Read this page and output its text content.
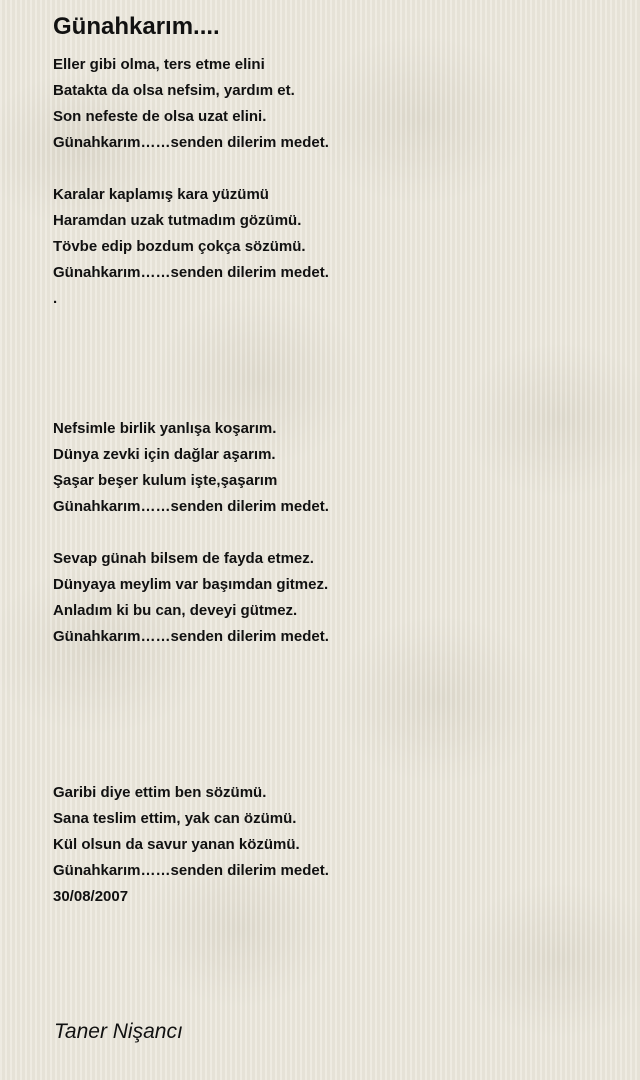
Günahkarım....
Eller gibi olma, ters etme elini
Batakta da olsa nefsim, yardım et.
Son nefeste de olsa uzat elini.
Günahkarım……senden dilerim medet.
Karalar kaplamış kara yüzümü
Haramdan uzak tutmadım gözümü.
Tövbe edip bozdum çokça sözümü.
Günahkarım……senden dilerim medet.
.
Nefsimle birlik yanlışa koşarım.
Dünya zevki için dağlar aşarım.
Şaşar beşer kulum işte,şaşarım
Günahkarım……senden dilerim medet.
Sevap günah bilsem de fayda etmez.
Dünyaya meylim var başımdan gitmez.
Anladım ki bu can, deveyi gütmez.
Günahkarım……senden dilerim medet.
Garibi diye ettim ben sözümü.
Sana teslim ettim, yak can özümü.
Kül olsun da savur yanan közümü.
Günahkarım……senden dilerim medet.
30/08/2007
Taner Nişancı
